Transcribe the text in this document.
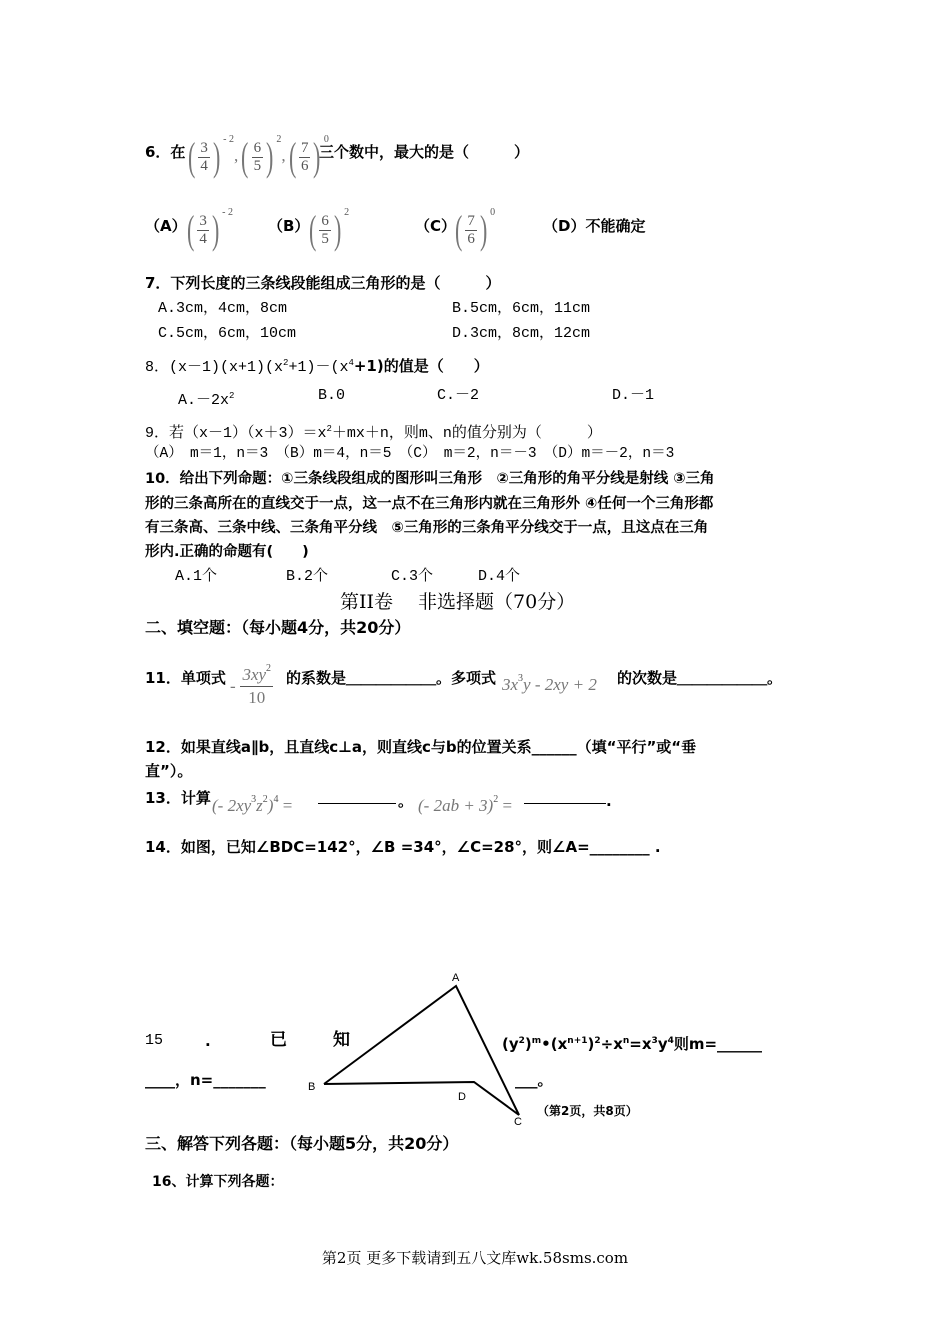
6．在 ( $\frac{3}{4}$ ) $^{- 2},( \frac{6}{5}$ ) $^2,( \frac{7}{6}$ ) $^0$
三个数中，最大的是（　　　）
（A） ( $\frac{3}{4}$ ) $^{- 2}$
（B） ( $\frac{6}{5}$ ) $^2$
（C）
( $\frac{7}{6}$ ) $^0$
（D）不能确定
7．下列长度的三条线段能组成三角形的是（　　　）
A.3cm，4cm，8cm	B.5cm，6cm，11cm
C.5cm，6cm，10cm	D.3cm，8cm，12cm
8．$(x-1)(x+1)(x^2+1)-(x^4+1)$的值是（　　）
$A.-2x^2$	B.0	C.－2	D.－1
9．若$(x-1)(x+3)=x^2+mx+n$，则m、n的值分别为（　　　）
（A）　m＝1，n＝3　（B）m＝4，n＝5　（C）　m＝2，n＝－3　（D）m＝－2，n＝3
10．给出下列命题：①三条线段组成的图形叫三角形　②三角形的角平分线是射线 ③三角
形的三条高所在的直线交于一点，这一点不在三角形内就在三角形外 ④任何一个三角形都
有三条高、三条中线、三条角平分线　⑤三角形的三条角平分线交于一点，且这点在三角
形内.正确的命题有(　　)
A.1个	B.2个	C.3个	D.4个
第II卷　 非选择题（70分）
二、填空题：（每小题4分，共20分）
11．单项式 - $\frac{3xy^2}{10}$ 的系数是＿＿＿＿＿＿。多项式 $3x^3y - 2xy + 2$ 的次数是＿＿＿＿＿＿。
12．如果直线a∥b，且直线c⊥a，则直线c与b的位置关系______（填“平行”或“垂
直”）。
13．计算 (- $2xy^3z^2)^4$ =	。 (- 2ab + 3)$^2$ =	.
14．如图，已知∠BDC=142°，∠B =34°，∠C=28°，则∠A=________ .
A
B
C
D
15	.	已	知	$(y^2)^m•(x^{n+1})^2\div x^n=x^3y^4$则m=______
____，n=_______	___。
（第2页，共8页）
三、解答下列各题：（每小题5分，共20分）
16、计算下列各题：
第2页 更多下载请到五八文库wk.58sms.com
